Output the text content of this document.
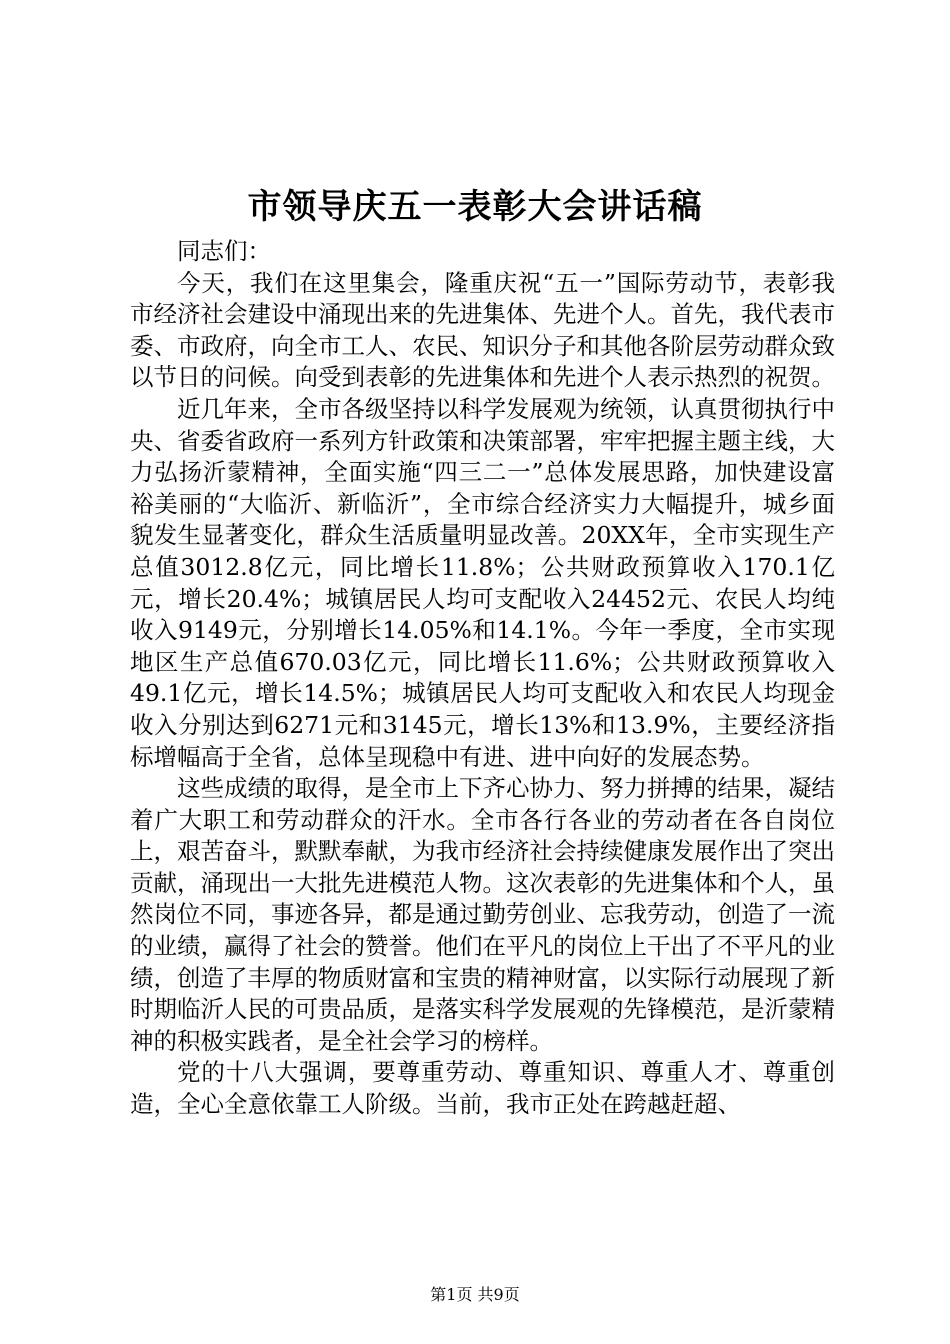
市领导庆五一表彰大会讲话稿

同志们：

今天，我们在这里集会，隆重庆祝“五一”国际劳动节，表彰我市经济社会建设中涌现出来的先进集体、先进个人。首先，我代表市委、市政府，向全市工人、农民、知识分子和其他各阶层劳动群众致以节日的问候。向受到表彰的先进集体和先进个人表示热烈的祝贺。

近几年来，全市各级坚持以科学发展观为统领，认真贯彻执行中央、省委省政府一系列方针政策和决策部署，牢牢把握主题主线，大力弘扬沂蒙精神，全面实施“四三二一”总体发展思路，加快建设富裕美丽的“大临沂、新临沂”，全市综合经济实力大幅提升，城乡面貌发生显著变化，群众生活质量明显改善。20XX年，全市实现生产总值3012.8亿元，同比增长11.8%；公共财政预算收入170.1亿元，增长20.4%；城镇居民人均可支配收入24452元、农民人均纯收入9149元，分别增长14.05%和14.1%。今年一季度，全市实现地区生产总值670.03亿元，同比增长11.6%；公共财政预算收入49.1亿元，增长14.5%；城镇居民人均可支配收入和农民人均现金收入分别达到6271元和3145元，增长13%和13.9%，主要经济指标增幅高于全省，总体呈现稳中有进、进中向好的发展态势。

这些成绩的取得，是全市上下齐心协力、努力拼搏的结果，凝结着广大职工和劳动群众的汗水。全市各行各业的劳动者在各自岗位上，艰苦奋斗，默默奉献，为我市经济社会持续健康发展作出了突出贡献，涌现出一大批先进模范人物。这次表彰的先进集体和个人，虽然岗位不同，事迹各异，都是通过勤劳创业、忘我劳动，创造了一流的业绩，赢得了社会的赞誉。他们在平凡的岗位上干出了不平凡的业绩，创造了丰厚的物质财富和宝贵的精神财富，以实际行动展现了新时期临沂人民的可贵品质，是落实科学发展观的先锋模范，是沂蒙精神的积极实践者，是全社会学习的榜样。

党的十八大强调，要尊重劳动、尊重知识、尊重人才、尊重创造，全心全意依靠工人阶级。当前，我市正处在跨越赶超、

第1页 共9页
